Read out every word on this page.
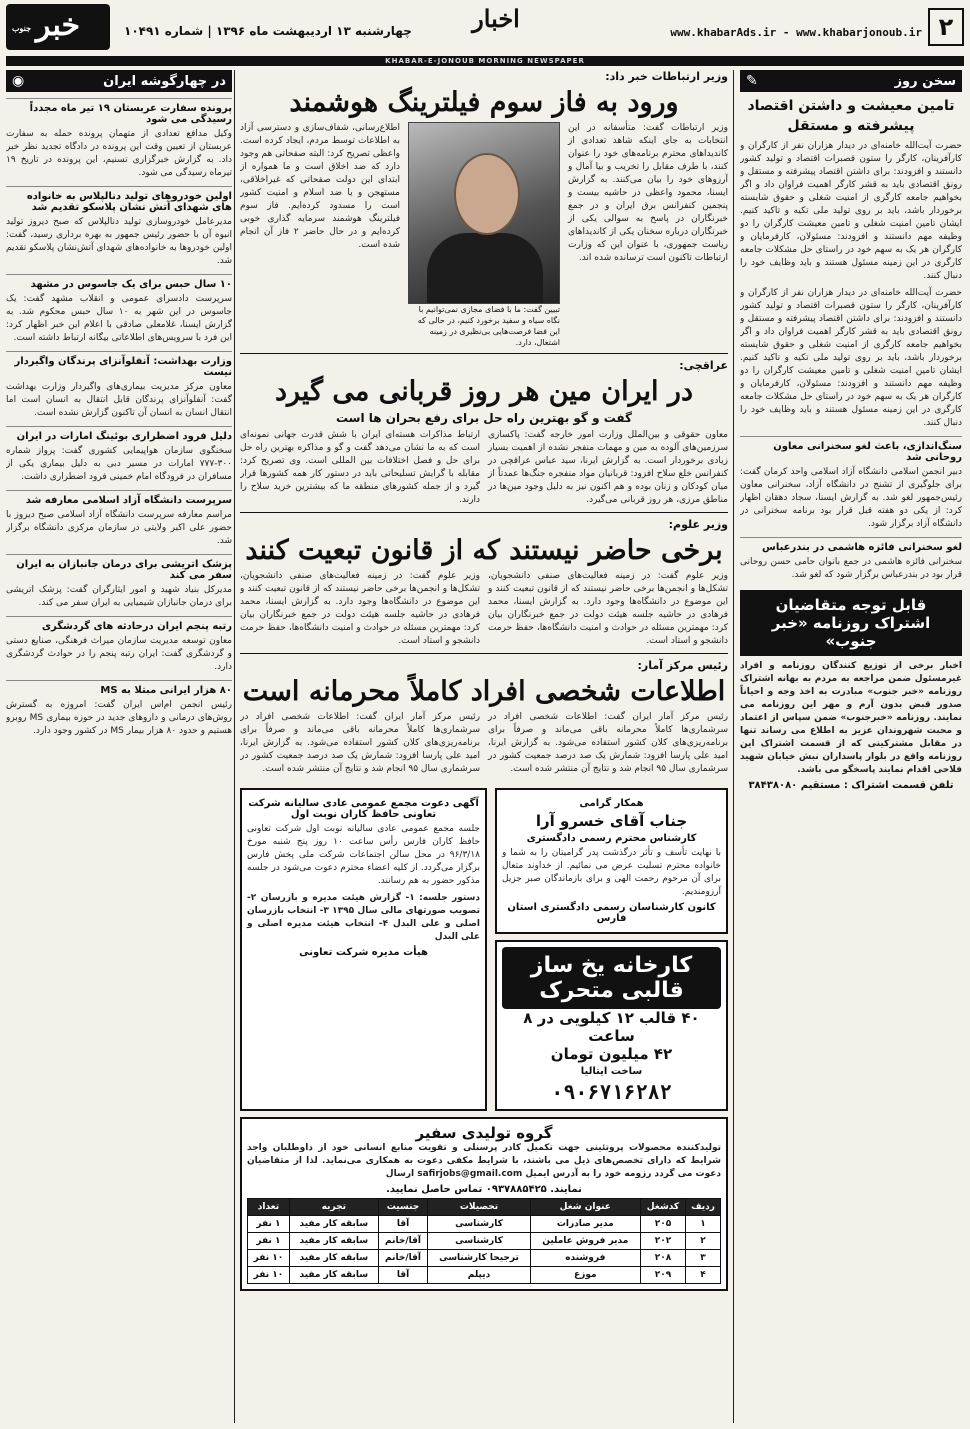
۲
www.khabarAds.ir - www.khabarjonoub.ir
اخبار
چهارشنبه ۱۳ اردیبهشت ماه ۱۳۹۶ | شماره ۱۰۴۹۱
جنوب خبر
KHABAR-E-JONOUB MORNING NEWSPAPER
سخن روز
✎
تامین معیشت و داشتن اقتصاد پیشرفته و مستقل
حضرت آیت‌الله خامنه‌ای در دیدار هزاران نفر از کارگران و کارآفرینان، کارگر را ستون قصبرات اقتصاد و تولید کشور دانستند و افزودند: برای داشتن اقتصاد پیشرفته و مستقل و رونق اقتصادی باید به قشر کارگر اهمیت فراوان داد و اگر بخواهیم جامعه کارگری از امنیت شغلی و حقوق شایسته برخوردار باشد، باید بر روی تولید ملی تکیه و تاکید کنیم. ایشان تامین امنیت شغلی و تامین معیشت کارگران را دو وظیفه مهم دانستند و افزودند: مسئولان، کارفرمایان و کارگران هر یک به سهم خود در راستای حل مشکلات جامعه کارگری در این زمینه مسئول هستند و باید وظایف خود را دنبال کنند.
حضرت آیت‌الله خامنه‌ای در دیدار هزاران نفر از کارگران و کارآفرینان، کارگر را ستون قصبرات اقتصاد و تولید کشور دانستند و افزودند: برای داشتن اقتصاد پیشرفته و مستقل و رونق اقتصادی باید به قشر کارگر اهمیت فراوان داد و اگر بخواهیم جامعه کارگری از امنیت شغلی و حقوق شایسته برخوردار باشد، باید بر روی تولید ملی تکیه و تاکید کنیم. ایشان تامین امنیت شغلی و تامین معیشت کارگران را دو وظیفه مهم دانستند و افزودند: مسئولان، کارفرمایان و کارگران هر یک به سهم خود در راستای حل مشکلات جامعه کارگری در این زمینه مسئول هستند و باید وظایف خود را دنبال کنند.
سنگ‌اندازی، باعث لغو سخنرانی معاون روحانی شد
دبیر انجمن اسلامی دانشگاه آزاد اسلامی واحد کرمان گفت: برای جلوگیری از تشنج در دانشگاه آزاد، سخنرانی معاون رئیس‌جمهور لغو شد. به گزارش ایسنا، سجاد دهقان اظهار کرد: از یکی دو هفته قبل قرار بود برنامه سخنرانی در دانشگاه آزاد برگزار شود.
لغو سخنرانی فائزه هاشمی در بندرعباس
سخنرانی فائزه هاشمی در جمع بانوان حامی حسن روحانی قرار بود در بندرعباس برگزار شود که لغو شد.
قابل توجه متقاضیان اشتراک روزنامه «خبر جنوب»
اخبار برخی از توزیع کنندگان روزنامه و افراد غیرمسئول ضمن مراجعه به مردم به بهانه اشتراک روزنامه «خبر جنوب» مبادرت به اخذ وجه و احیاناً صدور قبض بدون آرم و مهر این روزنامه می نمایند. روزنامه «خبرجنوب» ضمن سپاس از اعتماد و محبت شهروندان عزیز به اطلاع می رساند تنها در مقابل مشترکینی که از قسمت اشتراک این روزنامه واقع در بلوار پاسداران نبش خیابان شهید فلاحی اقدام نمایند پاسخگو می باشد.
تلفن قسمت اشتراک : مستقیم ۳۸۴۳۸۰۸۰
وزیر ارتباطات خبر داد:
ورود به فاز سوم فیلترینگ هوشمند
وزیر ارتباطات گفت: متأسفانه در این انتخابات به جای اینکه شاهد تعدادی از کاندیداهای محترم برنامه‌های خود را عنوان کنند، با طرف مقابل را تخریب و بیا آمال و آرزوهای خود را بیان می‌کنند. به گزارش ایسنا، محمود واعظی در حاشیه بیست و پنجمین کنفرانس برق ایران و در جمع خبرنگاران در پاسخ به سوالی یکی از خبرنگاران درباره سخنان یکی از کاندیداهای ریاست جمهوری، با عنوان این که وزارت ارتباطات تاکنون است ترسانده شده اند.
تبیین گفت: ما با فضای مجازی نمی‌توانیم با نگاه سیاه و سفید برخورد کنیم، در حالی که این فضا فرصت‌هایی بی‌نظیری در زمینه اشتغال، دارد.
اطلاع‌رسانی، شفاف‌سازی و دسترسی آزاد به اطلاعات توسط مردم، ایجاد کرده است. واعظی تصریح کرد: البته صفحاتی هم وجود دارد که ضد اخلاق است و ما همواره از ابتدای این دولت صفحاتی که غیراخلاقی، مستهجن و یا ضد اسلام و امنیت کشور است را مسدود کرده‌ایم. فاز سوم فیلترینگ هوشمند سرمایه گذاری خوبی کرده‌ایم و در حال حاضر ۲ فاز آن انجام شده است.
عراقچی:
در ایران مین هر روز قربانی می گیرد
گفت و گو بهترین راه حل برای رفع بحران ها است
معاون حقوقی و بین‌الملل وزارت امور خارجه گفت: پاکسازی سرزمین‌های آلوده به مین و مهمات منفجر نشده از اهمیت بسیار زیادی برخوردار است. به گزارش ایرنا، سید عباس عراقچی در کنفرانس خلع سلاح افزود: قربانیان مواد منفجره جنگ‌ها عمدتاً از میان کودکان و زنان بوده و هم اکنون نیز به دلیل وجود مین‌ها در مناطق مرزی، هر روز قربانی می‌گیرد.
ارتباط مذاکرات هسته‌ای ایران با شش قدرت جهانی نمونه‌ای است که به ما نشان می‌دهد گفت و گو و مذاکره بهترین راه حل برای حل و فصل اختلافات بین المللی است. وی تصریح کرد: مقابله با گرایش تسلیحاتی باید در دستور کار همه کشورها قرار گیرد و از جمله کشورهای منطقه ما که بیشترین خرید سلاح را دارند.
وزیر علوم:
برخی حاضر نیستند که از قانون تبعیت کنند
وزیر علوم گفت: در زمینه فعالیت‌های صنفی دانشجویان، تشکل‌ها و انجمن‌ها برخی حاضر نیستند که از قانون تبعیت کنند و این موضوع در دانشگاه‌ها وجود دارد. به گزارش ایسنا، محمد فرهادی در حاشیه جلسه هیئت دولت در جمع خبرنگاران بیان کرد: مهمترین مسئله در حوادث و امنیت دانشگاه‌ها، حفظ حرمت دانشجو و استاد است.
وزیر علوم گفت: در زمینه فعالیت‌های صنفی دانشجویان، تشکل‌ها و انجمن‌ها برخی حاضر نیستند که از قانون تبعیت کنند و این موضوع در دانشگاه‌ها وجود دارد. به گزارش ایسنا، محمد فرهادی در حاشیه جلسه هیئت دولت در جمع خبرنگاران بیان کرد: مهمترین مسئله در حوادث و امنیت دانشگاه‌ها، حفظ حرمت دانشجو و استاد است.
رئیس مرکز آمار:
اطلاعات شخصی افراد کاملاً محرمانه است
رئیس مرکز آمار ایران گفت: اطلاعات شخصی افراد در سرشماری‌ها کاملاً محرمانه باقی می‌ماند و صرفاً برای برنامه‌ریزی‌های کلان کشور استفاده می‌شود. به گزارش ایرنا، امید علی پارسا افزود: شمارش یک صد درصد جمعیت کشور در سرشماری سال ۹۵ انجام شد و نتایج آن منتشر شده است.
رئیس مرکز آمار ایران گفت: اطلاعات شخصی افراد در سرشماری‌ها کاملاً محرمانه باقی می‌ماند و صرفاً برای برنامه‌ریزی‌های کلان کشور استفاده می‌شود. به گزارش ایرنا، امید علی پارسا افزود: شمارش یک صد درصد جمعیت کشور در سرشماری سال ۹۵ انجام شد و نتایج آن منتشر شده است.
همکار گرامی
جناب آقای خسرو آرا
کارشناس محترم رسمی دادگستری
با نهایت تأسف و تأثر درگذشت پدر گرامیتان را به شما و خانواده محترم تسلیت عرض می نمائیم. از خداوند متعال برای آن مرحوم رحمت الهی و برای بازماندگان صبر جزیل آرزومندیم.
کانون کارشناسان رسمی دادگستری استان فارس
کارخانه یخ ساز قالبی متحرک
۴۰ قالب ۱۲ کیلویی در ۸ ساعت
۴۲ میلیون تومان
ساخت ایتالیا
۰۹۰۶۷۱۶۲۸۲
آگهی دعوت مجمع عمومی عادی سالیانه شرکت تعاونی حافظ کاران نوبت اول
جلسه مجمع عمومی عادی سالیانه نوبت اول شرکت تعاونی حافظ کاران فارس رأس ساعت ۱۰ روز پنج شنبه مورخ ۹۶/۳/۱۸ در محل سالن اجتماعات شرکت ملی پخش فارس برگزار می‌گردد. از کلیه اعضاء محترم دعوت می‌شود در جلسه مذکور حضور به هم رسانند.
دستور جلسه: ۱- گزارش هیئت مدیره و بازرسان ۲- تصویب صورتهای مالی سال ۱۳۹۵ ۳- انتخاب بازرسان اصلی و علی البدل ۴- انتخاب هیئت مدیره اصلی و علی البدل
هیأت مدیره شرکت تعاونی
گروه تولیدی سفیر
تولیدکننده محصولات پروتئینی جهت تکمیل کادر پرسنلی و تقویت منابع انسانی خود از داوطلبان واجد شرایط که دارای تخصص‌های ذیل می باشند، با شرایط مکفی دعوت به همکاری می‌نماید. لذا از متقاضیان دعوت می گردد رزومه خود را به آدرس ایمیل safirjobs@gmail.com ارسال
نمایند. ۰۹۳۷۸۸۵۴۲۵ تماس حاصل نمایید.
ردیف	کدشغل	عنوان شغل	تحصیلات	جنسیت	تجربه	تعداد
۱	۲۰۵	مدیر صادرات	کارشناسی	آقا	سابقه کار مفید	۱ نفر
۲	۲۰۲	مدیر فروش عاملین	کارشناسی	آقا/خانم	سابقه کار مفید	۱ نفر
۳	۲۰۸	فروشنده	ترجیحا کارشناسی	آقا/خانم	سابقه کار مفید	۱۰ نفر
۴	۲۰۹	موزع	دیپلم	آقا	سابقه کار مفید	۱۰ نفر
در چهارگوشه ایران
◉
پرونده سفارت عربستان ۱۹ تیر ماه مجدداً رسیدگی می شود
وکیل مدافع تعدادی از متهمان پرونده حمله به سفارت عربستان از تعیین وقت این پرونده در دادگاه تجدید نظر خبر داد. به گزارش خبرگزاری تسنیم، این پرونده در تاریخ ۱۹ تیرماه رسیدگی می شود.
اولین خودروهای تولید دنالپلاس به خانواده های شهدای آتش نشان پلاسکو تقدیم شد
مدیرعامل خودروسازی تولید دنالپلاس که صبح دیروز تولید انبوه آن با حضور رئیس جمهور به بهره برداری رسید، گفت: اولین خودروها به خانواده‌های شهدای آتش‌نشان پلاسکو تقدیم شد.
۱۰ سال حبس برای یک جاسوس در مشهد
سرپرست دادسرای عمومی و انقلاب مشهد گفت: یک جاسوس در این شهر به ۱۰ سال حبس محکوم شد. به گزارش ایسنا، غلامعلی صادقی با اعلام این خبر اظهار کرد: این فرد با سرویس‌های اطلاعاتی بیگانه ارتباط داشته است.
وزارت بهداشت: آنفلوآنزای پرندگان واگیردار نیست
معاون مرکز مدیریت بیماری‌های واگیردار وزارت بهداشت گفت: آنفلوآنزای پرندگان قابل انتقال به انسان است اما انتقال انسان به انسان آن تاکنون گزارش نشده است.
دلیل فرود اضطراری بوئینگ امارات در ایران
سخنگوی سازمان هواپیمایی کشوری گفت: پرواز شماره ۳۰۰-۷۷۷ امارات در مسیر دبی به دلیل بیماری یکی از مسافران در فرودگاه امام خمینی فرود اضطراری داشت.
سرپرست دانشگاه آزاد اسلامی معارفه شد
مراسم معارفه سرپرست دانشگاه آزاد اسلامی صبح دیروز با حضور علی اکبر ولایتی در سازمان مرکزی دانشگاه برگزار شد.
پزشک اتریشی برای درمان جانبازان به ایران سفر می کند
مدیرکل بنیاد شهید و امور ایثارگران گفت: پزشک اتریشی برای درمان جانبازان شیمیایی به ایران سفر می کند.
رتبه پنجم ایران درحادثه های گردشگری
معاون توسعه مدیریت سازمان میراث فرهنگی، صنایع دستی و گردشگری گفت: ایران رتبه پنجم را در حوادث گردشگری دارد.
۸۰ هزار ایرانی مبتلا به MS
رئیس انجمن ام‌اس ایران گفت: امروزه به گسترش روش‌های درمانی و داروهای جدید در حوزه بیماری MS روبرو هستیم و حدود ۸۰ هزار بیمار MS در کشور وجود دارد.
